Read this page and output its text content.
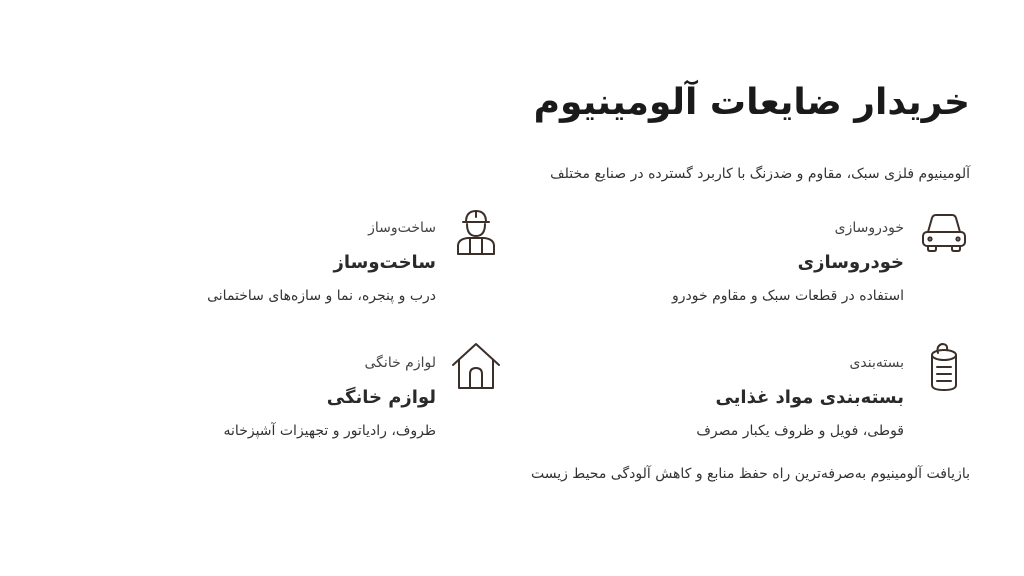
خریدار ضایعات آلومینیوم
آلومینیوم فلزی سبک، مقاوم و ضدزنگ با کاربرد گسترده در صنایع مختلف
خودروسازی
خودروسازی
استفاده در قطعات سبک و مقاوم خودرو
ساخت‌وساز
ساخت‌وساز
درب و پنجره، نما و سازه‌های ساختمانی
بسته‌بندی
بسته‌بندی مواد غذایی
قوطی، فویل و ظروف یکبار مصرف
لوازم خانگی
لوازم خانگی
ظروف، رادیاتور و تجهیزات آشپزخانه
بازیافت آلومینیوم به‌صرفه‌ترین راه حفظ منابع و کاهش آلودگی محیط زیست
